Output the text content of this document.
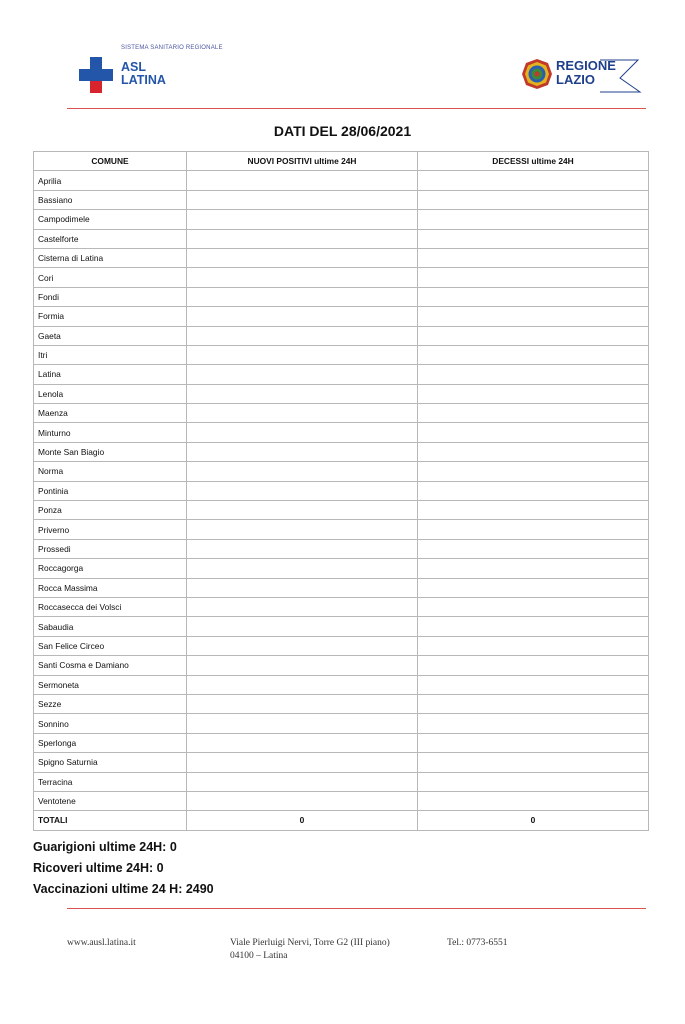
SISTEMA SANITARIO REGIONALE
ASL
LATINA
REGIONE
LAZIO
DATI DEL 28/06/2021
COMUNE	NUOVI POSITIVI ultime 24H	DECESSI ultime 24H
Aprilia		
Bassiano		
Campodimele		
Castelforte		
Cisterna di Latina		
Cori		
Fondi		
Formia		
Gaeta		
Itri		
Latina		
Lenola		
Maenza		
Minturno		
Monte San Biagio		
Norma		
Pontinia		
Ponza		
Priverno		
Prossedi		
Roccagorga		
Rocca Massima		
Roccasecca dei Volsci		
Sabaudia		
San Felice Circeo		
Santi Cosma e Damiano		
Sermoneta		
Sezze		
Sonnino		
Sperlonga		
Spigno Saturnia		
Terracina		
Ventotene		
TOTALI	0	0
Guarigioni ultime 24H: 0
Ricoveri ultime 24H: 0
Vaccinazioni ultime 24 H: 2490
www.ausl.latina.it	Viale Pierluigi Nervi, Torre G2 (III piano)
04100 – Latina
Tel.: 0773-6551
